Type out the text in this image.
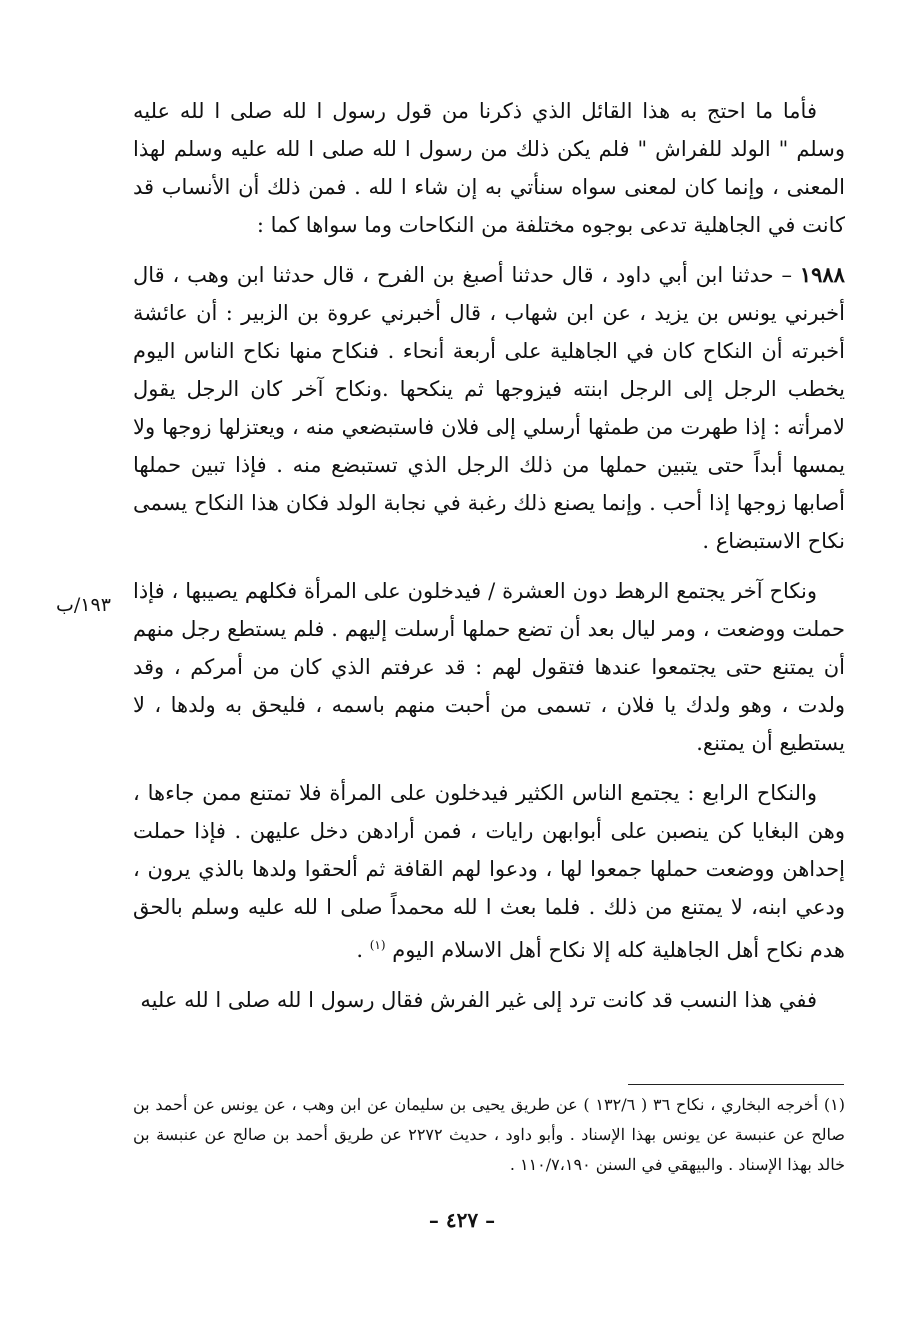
فأما ما احتج به هذا القائل الذي ذكرنا من قول رسول ا لله صلى ا لله عليه وسلم " الولد للفراش " فلم يكن ذلك من رسول ا لله صلى ا لله عليه وسلم لهذا المعنى ، وإنما كان لمعنى سواه سنأتي به إن شاء ا لله . فمن ذلك أن الأنساب قد كانت في الجاهلية تدعى بوجوه مختلفة من النكاحات وما سواها كما :

١٩٨٨ – حدثنا ابن أبي داود ، قال حدثنا أصبغ بن الفرح ، قال حدثنا ابن وهب ، قال أخبرني يونس بن يزيد ، عن ابن شهاب ، قال أخبرني عروة بن الزبير : أن عائشة أخبرته أن النكاح كان في الجاهلية على أربعة أنحاء . فنكاح منها نكاح الناس اليوم يخطب الرجل إلى الرجل ابنته فيزوجها ثم ينكحها .ونكاح آخر كان الرجل يقول لامرأته : إذا طهرت من طمثها أرسلي إلى فلان فاستبضعي منه ، ويعتزلها زوجها ولا يمسها أبداً حتى يتبين حملها من ذلك الرجل الذي تستبضع منه . فإذا تبين حملها أصابها زوجها إذا أحب . وإنما يصنع ذلك رغبة في نجابة الولد فكان هذا النكاح يسمى نكاح الاستبضاع .

ونكاح آخر يجتمع الرهط دون العشرة / فيدخلون على المرأة فكلهم يصيبها ، فإذا حملت ووضعت ، ومر ليال بعد أن تضع حملها أرسلت إليهم . فلم يستطع رجل منهم أن يمتنع حتى يجتمعوا عندها فتقول لهم : قد عرفتم الذي كان من أمركم ، وقد ولدت ، وهو ولدك يا فلان ، تسمى من أحبت منهم باسمه ، فليحق به ولدها ، لا يستطيع أن يمتنع.

والنكاح الرابع : يجتمع الناس الكثير فيدخلون على المرأة فلا تمتنع ممن جاءها ، وهن البغايا كن ينصبن على أبوابهن رايات ، فمن أرادهن دخل عليهن . فإذا حملت إحداهن ووضعت حملها جمعوا لها ، ودعوا لهم القافة ثم ألحقوا ولدها بالذي يرون ، ودعي ابنه، لا يمتنع من ذلك . فلما بعث ا لله محمداً صلى ا لله عليه وسلم بالحق هدم نكاح أهل الجاهلية كله إلا نكاح أهل الاسلام اليوم $^{(١)}$ .

ففي هذا النسب قد كانت ترد إلى غير الفرش فقال رسول ا لله صلى ا لله عليه

١٩٣/ب

(١) أخرجه البخاري ، نكاح ٣٦ ( ١٣٢/٦ ) عن طريق يحيى بن سليمان عن ابن وهب ، عن يونس عن أحمد بن صالح عن عنبسة عن يونس بهذا الإسناد . وأبو داود ، حديث ٢٢٧٢ عن طريق أحمد بن صالح عن عنبسة بن خالد بهذا الإسناد . والبيهقي في السنن ١١٠/٧،١٩٠ .

– ٤٢٧ –
